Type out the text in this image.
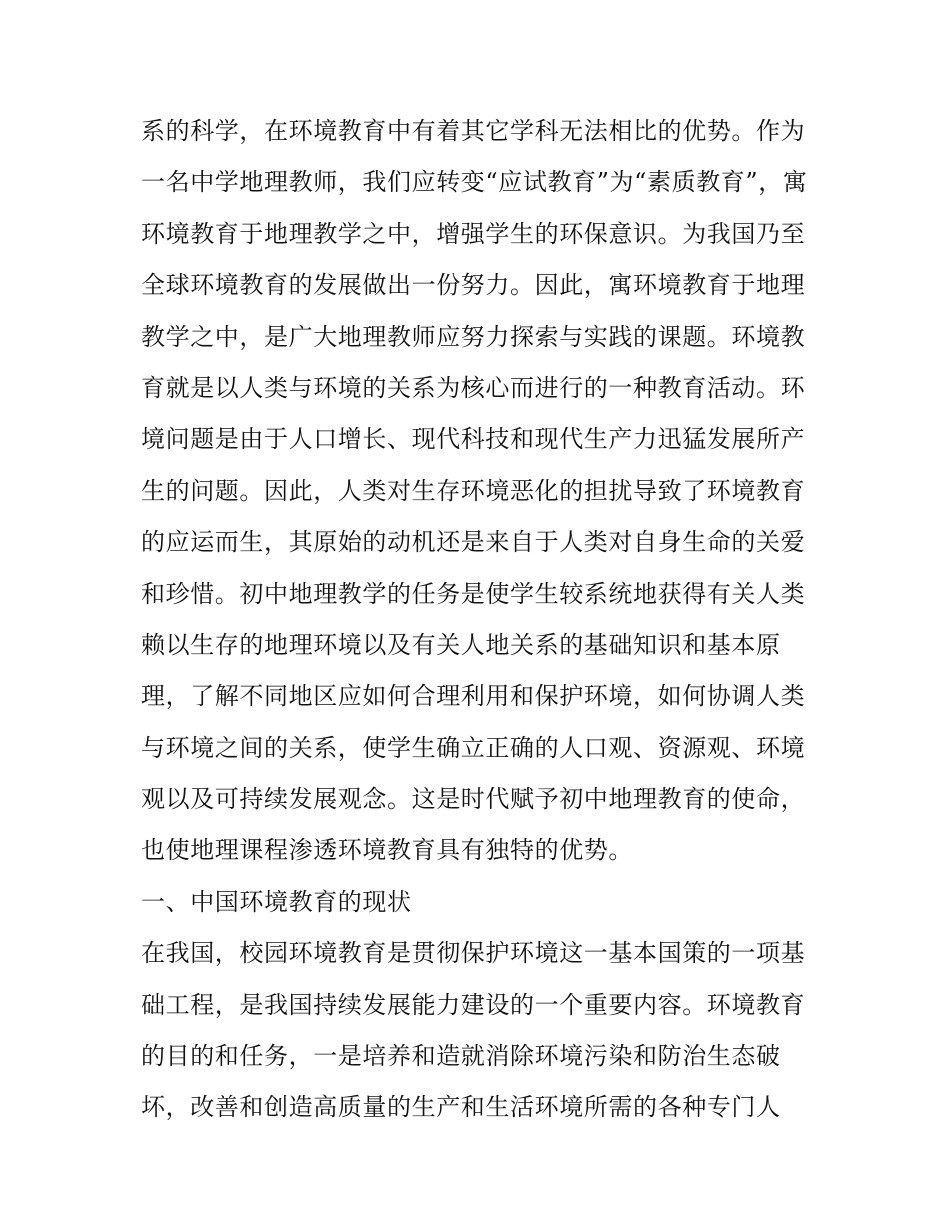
系的科学，在环境教育中有着其它学科无法相比的优势。作为
一名中学地理教师，我们应转变“应试教育”为“素质教育”，寓
环境教育于地理教学之中，增强学生的环保意识。为我国乃至
全球环境教育的发展做出一份努力。因此，寓环境教育于地理
教学之中，是广大地理教师应努力探索与实践的课题。环境教
育就是以人类与环境的关系为核心而进行的一种教育活动。环
境问题是由于人口增长、现代科技和现代生产力迅猛发展所产
生的问题。因此，人类对生存环境恶化的担扰导致了环境教育
的应运而生，其原始的动机还是来自于人类对自身生命的关爱
和珍惜。初中地理教学的任务是使学生较系统地获得有关人类
赖以生存的地理环境以及有关人地关系的基础知识和基本原
理，了解不同地区应如何合理利用和保护环境，如何协调人类
与环境之间的关系，使学生确立正确的人口观、资源观、环境
观以及可持续发展观念。这是时代赋予初中地理教育的使命，
也使地理课程渗透环境教育具有独特的优势。
一、中国环境教育的现状
在我国，校园环境教育是贯彻保护环境这一基本国策的一项基
础工程，是我国持续发展能力建设的一个重要内容。环境教育
的目的和任务，一是培养和造就消除环境污染和防治生态破
坏，改善和创造高质量的生产和生活环境所需的各种专门人
